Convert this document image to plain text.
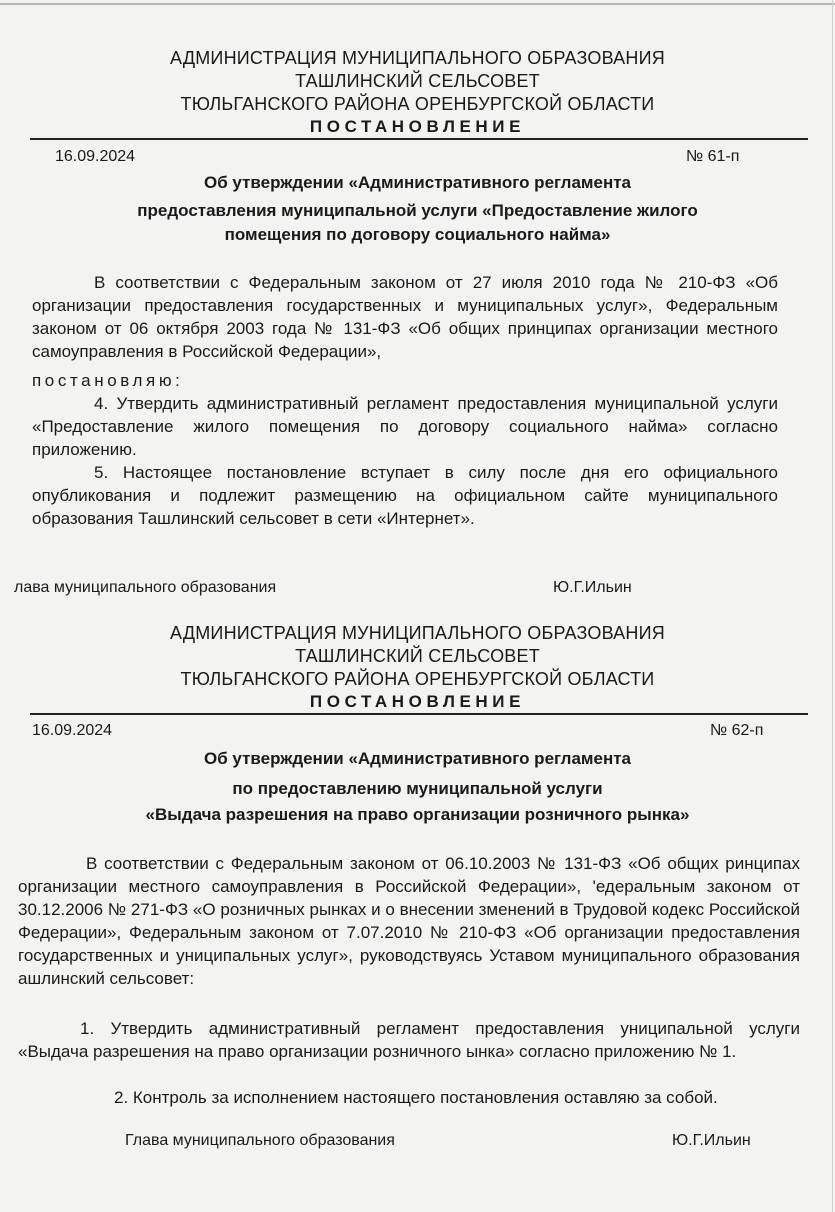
АДМИНИСТРАЦИЯ МУНИЦИПАЛЬНОГО ОБРАЗОВАНИЯ
ТАШЛИНСКИЙ СЕЛЬСОВЕТ
ТЮЛЬГАНСКОГО РАЙОНА ОРЕНБУРГСКОЙ ОБЛАСТИ
ПОСТАНОВЛЕНИЕ
16.09.2024	№ 61-п
Об утверждении «Административного регламента
предоставления муниципальной услуги «Предоставление жилого
помещения по договору социального найма»

В соответствии с Федеральным законом от 27 июля 2010 года № 210-ФЗ «Об организации предоставления государственных и муниципальных услуг», Федеральным законом от 06 октября 2003 года № 131-ФЗ «Об общих принципах организации местного самоуправления в Российской Федерации»,

постановляю:

4. Утвердить административный регламент предоставления муниципальной услуги «Предоставление жилого помещения по договору социального найма» согласно приложению.

5. Настоящее постановление вступает в силу после дня его официального опубликования и подлежит размещению на официальном сайте муниципального образования Ташлинский сельсовет в сети «Интернет».

лава муниципального образования	Ю.Г.Ильин
АДМИНИСТРАЦИЯ МУНИЦИПАЛЬНОГО ОБРАЗОВАНИЯ
ТАШЛИНСКИЙ СЕЛЬСОВЕТ
ТЮЛЬГАНСКОГО РАЙОНА ОРЕНБУРГСКОЙ ОБЛАСТИ
ПОСТАНОВЛЕНИЕ
16.09.2024	№ 62-п
Об утверждении «Административного регламента
по предоставлению муниципальной услуги
«Выдача разрешения на право организации розничного рынка»

В соответствии с Федеральным законом от 06.10.2003 № 131-ФЗ «Об общих ринципах организации местного самоуправления в Российской Федерации», 'едеральным законом от 30.12.2006 № 271-ФЗ «О розничных рынках и о внесении зменений в Трудовой кодекс Российской Федерации», Федеральным законом от 7.07.2010 № 210-ФЗ «Об организации предоставления государственных и униципальных услуг», руководствуясь Уставом муниципального образования ашлинский сельсовет:

1. Утвердить административный регламент предоставления униципальной услуги «Выдача разрешения на право организации розничного ынка» согласно приложению № 1.

2. Контроль за исполнением настоящего постановления оставляю за собой.

Глава муниципального образования	Ю.Г.Ильин
